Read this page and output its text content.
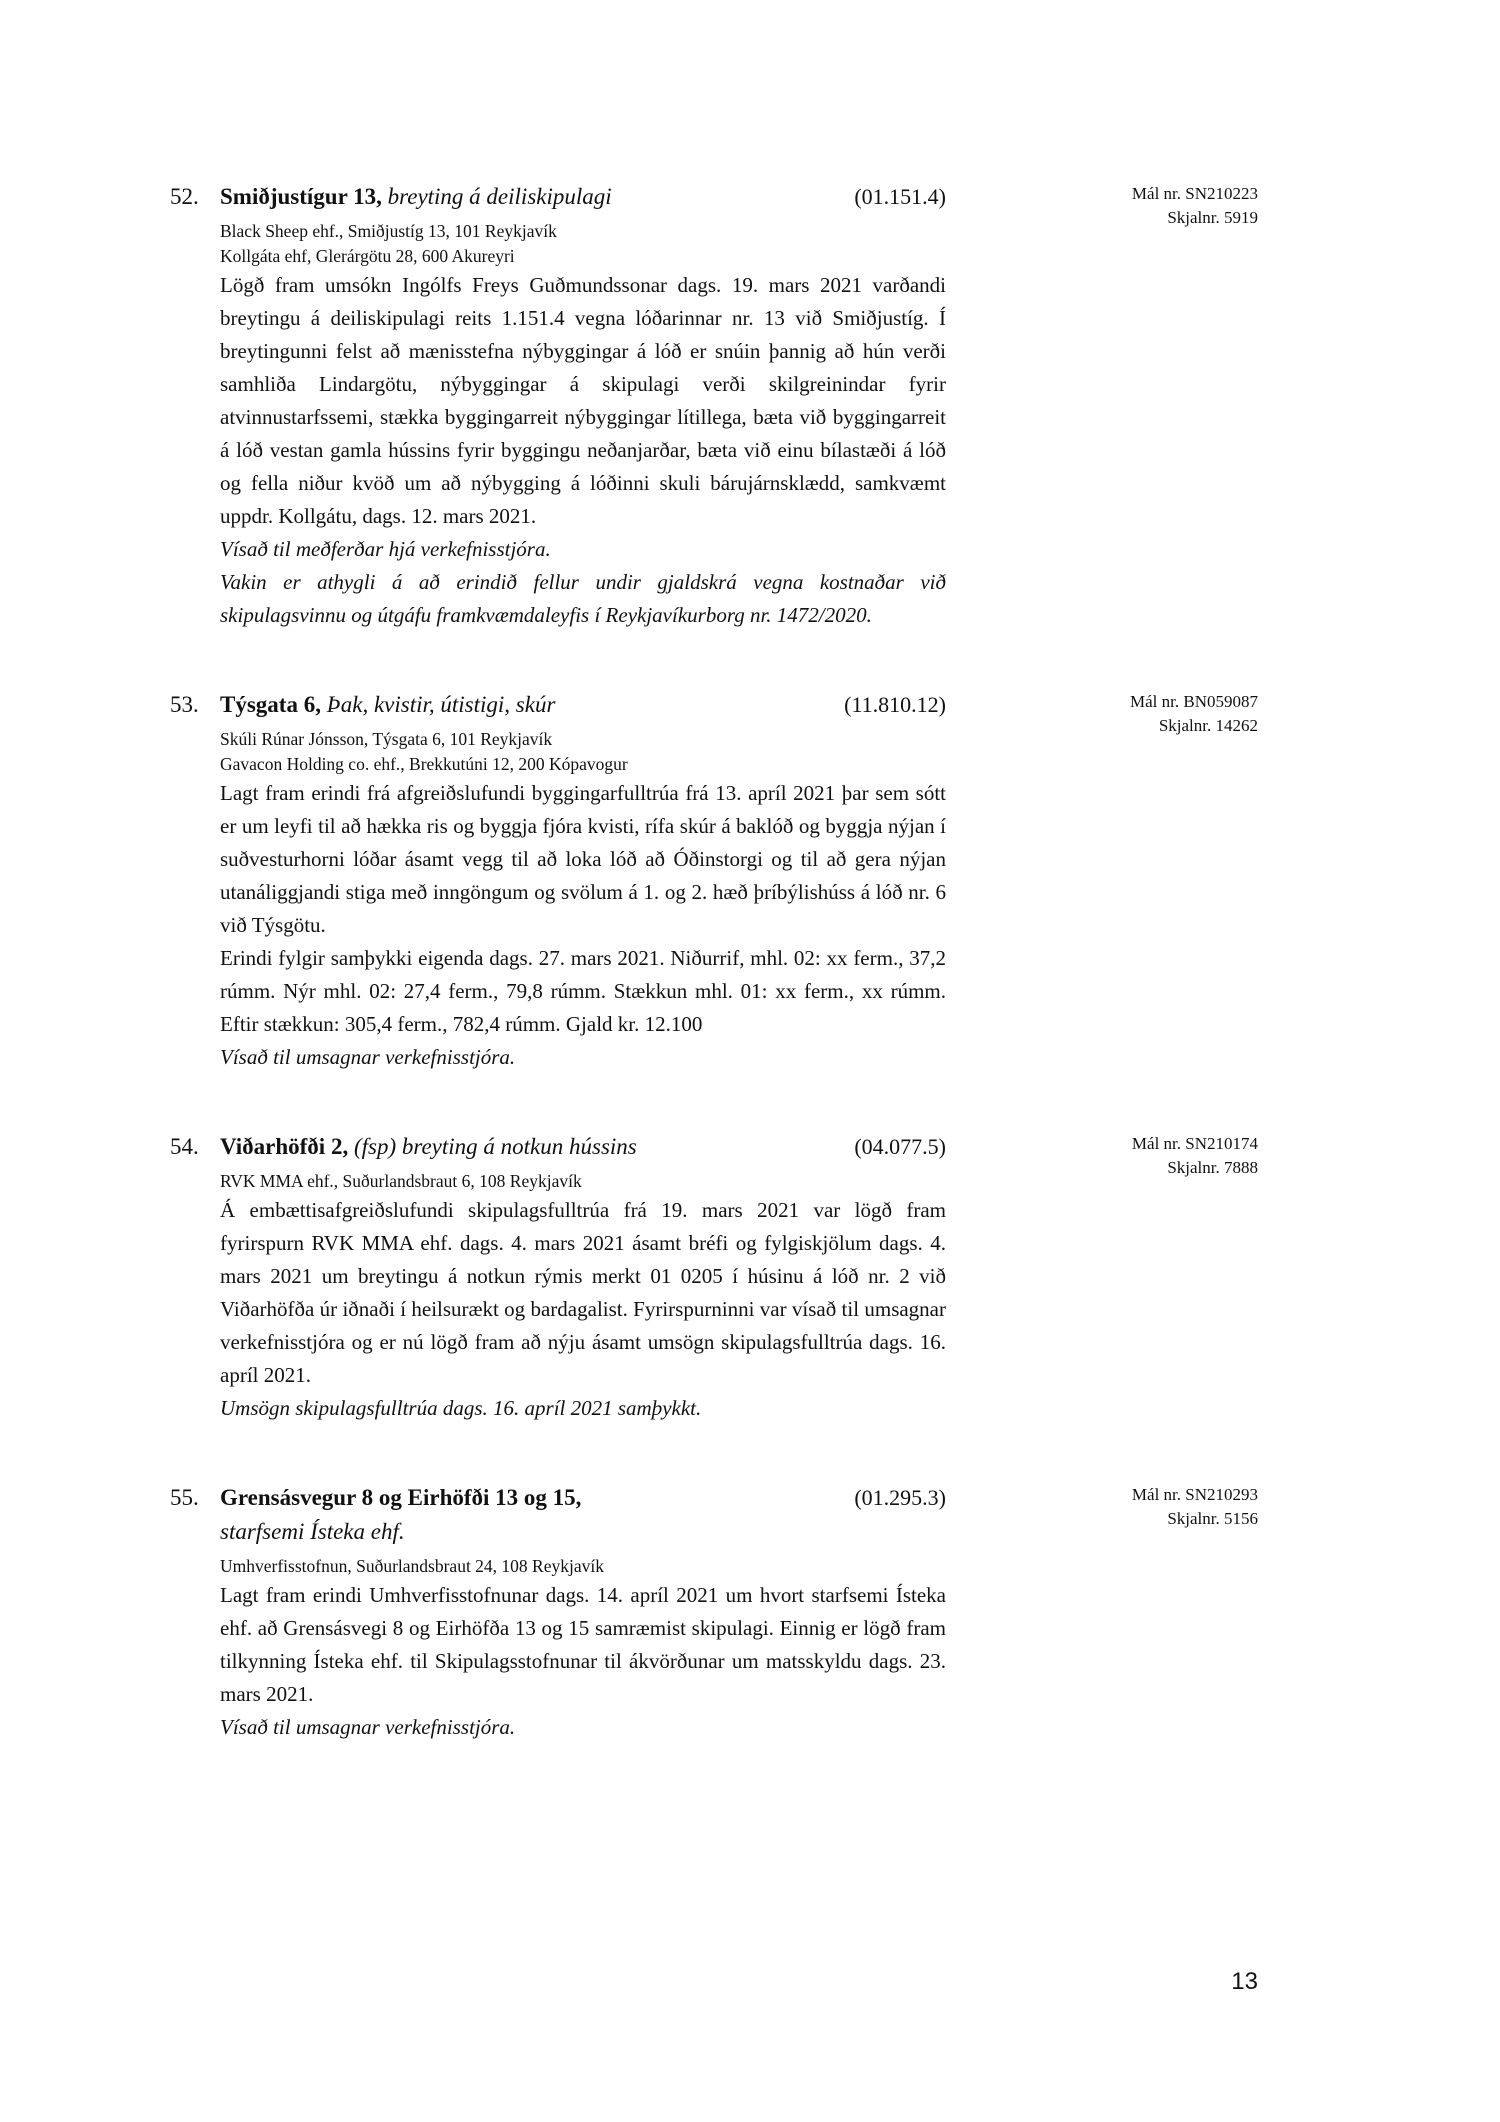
52. Smiðjustígur 13, breyting á deiliskipulagi	(01.151.4)	Mál nr. SN210223
Skjalnr. 5919
Black Sheep ehf., Smiðjustíg 13, 101 Reykjavík
Kollgáta ehf, Glerárgötu 28, 600 Akureyri

Lögð fram umsókn Ingólfs Freys Guðmundssonar dags. 19. mars 2021 varðandi breytingu á deiliskipulagi reits 1.151.4 vegna lóðarinnar nr. 13 við Smiðjustíg. Í breytingunni felst að mænisstefna nýbyggingar á lóð er snúin þannig að hún verði samhliða Lindargötu, nýbyggingar á skipulagi verði skilgreinindar fyrir atvinnustarfssemi, stækka byggingarreit nýbyggingar lítillega, bæta við byggingarreit á lóð vestan gamla hússins fyrir byggingu neðanjarðar, bæta við einu bílastæði á lóð og fella niður kvöð um að nýbygging á lóðinni skuli bárujárnsklædd, samkvæmt uppdr. Kollgátu, dags. 12. mars 2021.

Vísað til meðferðar hjá verkefnisstjóra.

Vakin er athygli á að erindið fellur undir gjaldskrá vegna kostnaðar við skipulagsvinnu og útgáfu framkvæmdaleyfis í Reykjavíkurborg nr. 1472/2020.

53. Týsgata 6, Þak, kvistir, útistigi, skúr	(11.810.12)	Mál nr. BN059087
Skjalnr. 14262
Skúli Rúnar Jónsson, Týsgata 6, 101 Reykjavík
Gavacon Holding co. ehf., Brekkutúni 12, 200 Kópavogur

Lagt fram erindi frá afgreiðslufundi byggingarfulltrúa frá 13. apríl 2021 þar sem sótt er um leyfi til að hækka ris og byggja fjóra kvisti, rífa skúr á baklóð og byggja nýjan í suðvesturhorni lóðar ásamt vegg til að loka lóð að Óðinstorgi og til að gera nýjan utanáliggjandi stiga með inngöngum og svölum á 1. og 2. hæð þríbýlishúss á lóð nr. 6 við Týsgötu.

Erindi fylgir samþykki eigenda dags. 27. mars 2021. Niðurrif, mhl. 02: xx ferm., 37,2 rúmm. Nýr mhl. 02: 27,4 ferm., 79,8 rúmm. Stækkun mhl. 01: xx ferm., xx rúmm. Eftir stækkun: 305,4 ferm., 782,4 rúmm. Gjald kr. 12.100

Vísað til umsagnar verkefnisstjóra.

54. Viðarhöfði 2, (fsp) breyting á notkun hússins	(04.077.5)	Mál nr. SN210174
Skjalnr. 7888
RVK MMA ehf., Suðurlandsbraut 6, 108 Reykjavík

Á embættisafgreiðslufundi skipulagsfulltrúa frá 19. mars 2021 var lögð fram fyrirspurn RVK MMA ehf. dags. 4. mars 2021 ásamt bréfi og fylgiskjölum dags. 4. mars 2021 um breytingu á notkun rýmis merkt 01 0205 í húsinu á lóð nr. 2 við Viðarhöfða úr iðnaði í heilsurækt og bardagalist. Fyrirspurninni var vísað til umsagnar verkefnisstjóra og er nú lögð fram að nýju ásamt umsögn skipulagsfulltrúa dags. 16. apríl 2021.

Umsögn skipulagsfulltrúa dags. 16. apríl 2021 samþykkt.

55. Grensásvegur 8 og Eirhöfði 13 og 15,	(01.295.3)
starfsemi Ísteka ehf.
Mál nr. SN210293
Skjalnr. 5156
Umhverfisstofnun, Suðurlandsbraut 24, 108 Reykjavík

Lagt fram erindi Umhverfisstofnunar dags. 14. apríl 2021 um hvort starfsemi Ísteka ehf. að Grensásvegi 8 og Eirhöfða 13 og 15 samræmist skipulagi. Einnig er lögð fram tilkynning Ísteka ehf. til Skipulagsstofnunar til ákvörðunar um matsskyldu dags. 23. mars 2021.

Vísað til umsagnar verkefnisstjóra.

13
